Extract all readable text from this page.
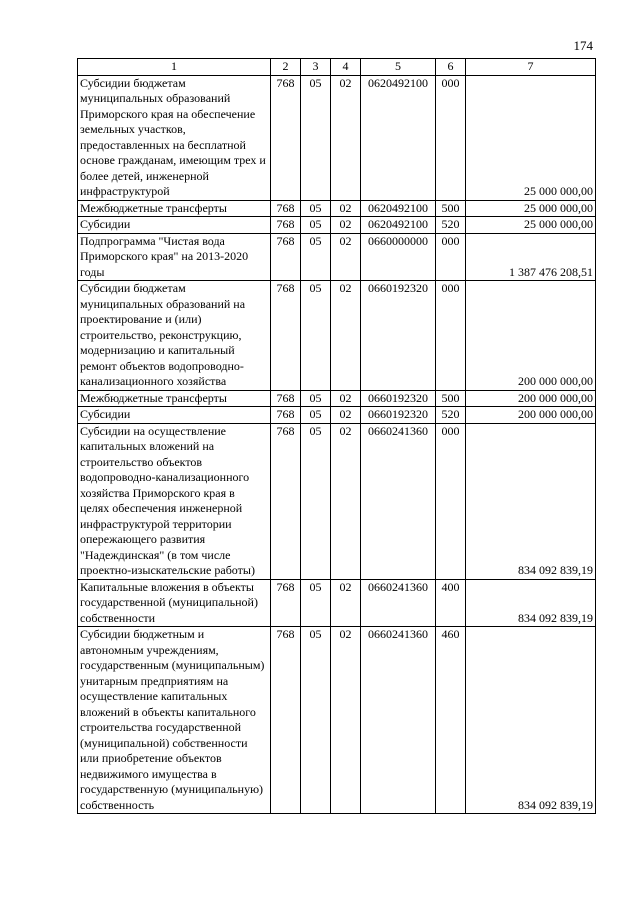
174
1	2	3	4	5	6	7
Субсидии бюджетам муниципальных образований Приморского края на обеспечение земельных участков, предоставленных на бесплатной основе гражданам, имеющим трех и более детей, инженерной инфраструктурой	768	05	02	0620492100	000	25 000 000,00
Межбюджетные трансферты	768	05	02	0620492100	500	25 000 000,00
Субсидии	768	05	02	0620492100	520	25 000 000,00
Подпрограмма "Чистая вода Приморского края" на 2013-2020 годы	768	05	02	0660000000	000	1 387 476 208,51
Субсидии бюджетам муниципальных образований на проектирование и (или) строительство, реконструкцию, модернизацию и капитальный ремонт объектов водопроводно-канализационного хозяйства	768	05	02	0660192320	000	200 000 000,00
Межбюджетные трансферты	768	05	02	0660192320	500	200 000 000,00
Субсидии	768	05	02	0660192320	520	200 000 000,00
Субсидии на осуществление капитальных вложений на строительство объектов водопроводно-канализационного хозяйства Приморского края в целях обеспечения инженерной инфраструктурой территории опережающего развития "Надеждинская" (в том числе проектно-изыскательские работы)	768	05	02	0660241360	000	834 092 839,19
Капитальные вложения в объекты государственной (муниципальной) собственности	768	05	02	0660241360	400	834 092 839,19
Субсидии бюджетным и автономным учреждениям, государственным (муниципальным) унитарным предприятиям на осуществление капитальных вложений в объекты капитального строительства государственной (муниципальной) собственности или приобретение объектов недвижимого имущества в государственную (муниципальную) собственность	768	05	02	0660241360	460	834 092 839,19
